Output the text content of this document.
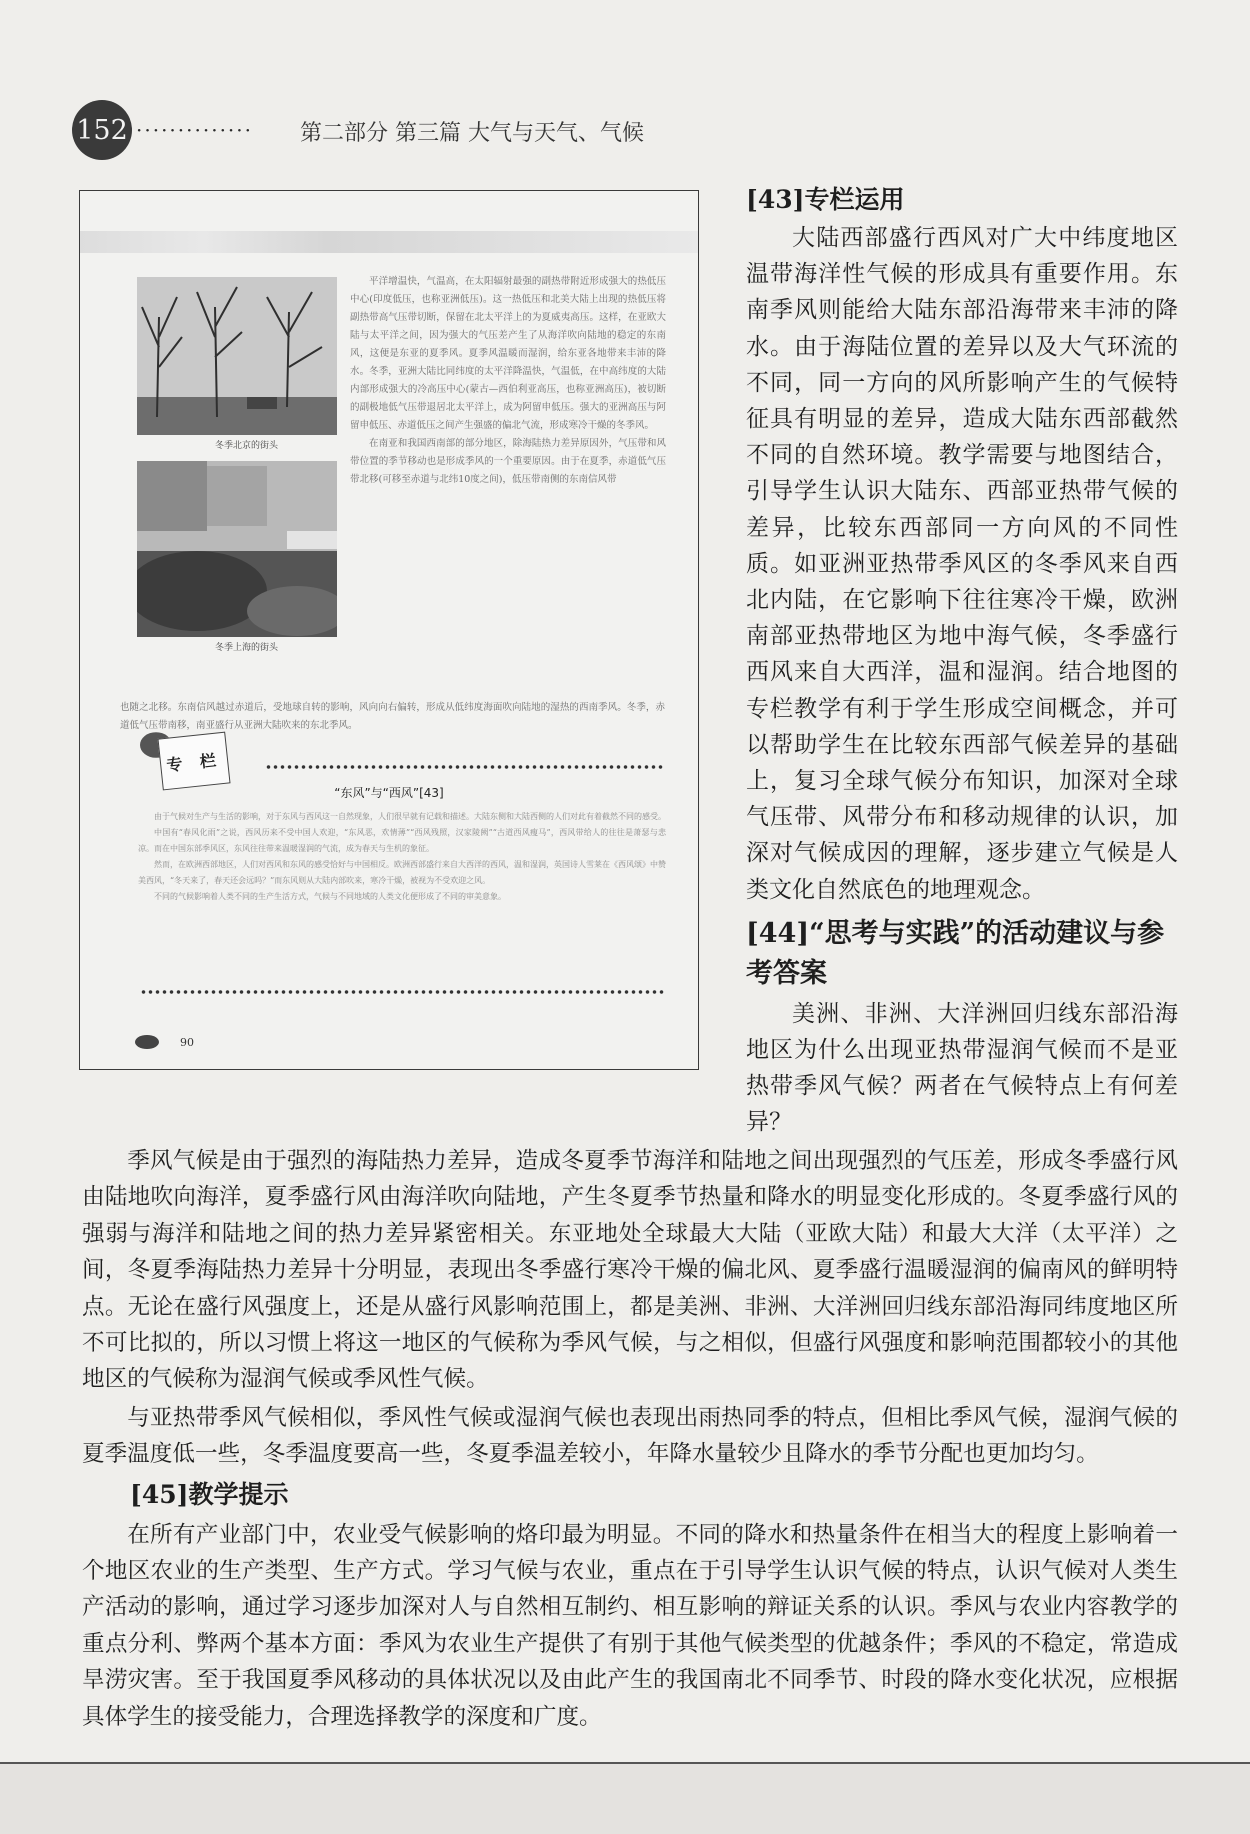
152 ·············· 第二部分 第三篇 大气与天气、气候
冬季北京的街头
冬季上海的街头

平洋增温快，气温高，在太阳辐射最强的副热带附近形成强大的热低压中心(印度低压，也称亚洲低压)。这一热低压和北美大陆上出现的热低压将副热带高气压带切断，保留在北太平洋上的为夏威夷高压。这样，在亚欧大陆与太平洋之间，因为强大的气压差产生了从海洋吹向陆地的稳定的东南风，这便是东亚的夏季风。夏季风温暖而湿润，给东亚各地带来丰沛的降水。冬季，亚洲大陆比同纬度的太平洋降温快，气温低，在中高纬度的大陆内部形成强大的冷高压中心(蒙古—西伯利亚高压，也称亚洲高压)，被切断的副极地低气压带退居北太平洋上，成为阿留申低压。强大的亚洲高压与阿留申低压、赤道低压之间产生强盛的偏北气流，形成寒冷干燥的冬季风。

在南亚和我国西南部的部分地区，除海陆热力差异原因外，气压带和风带位置的季节移动也是形成季风的一个重要原因。由于在夏季，赤道低气压带北移(可移至赤道与北纬10度之间)，低压带南侧的东南信风带

也随之北移。东南信风越过赤道后，受地球自转的影响，风向向右偏转，形成从低纬度海面吹向陆地的湿热的西南季风。冬季，赤道低气压带南移，南亚盛行从亚洲大陆吹来的东北季风。

专 栏
“东风”与“西风”[43]

由于气候对生产与生活的影响，对于东风与西风这一自然现象，人们很早就有记载和描述。大陆东侧和大陆西侧的人们对此有着截然不同的感受。

中国有“春风化雨”之说，西风历来不受中国人欢迎，“东风恶，欢情薄”“西风残照，汉家陵阙”“古道西风瘦马”，西风带给人的往往是萧瑟与悲凉。而在中国东部季风区，东风往往带来温暖湿润的气流，成为春天与生机的象征。

然而，在欧洲西部地区，人们对西风和东风的感受恰好与中国相反。欧洲西部盛行来自大西洋的西风，温和湿润，英国诗人雪莱在《西风颂》中赞美西风，“冬天来了，春天还会远吗？”而东风则从大陆内部吹来，寒冷干燥，被视为不受欢迎之风。

不同的气候影响着人类不同的生产生活方式，气候与不同地域的人类文化便形成了不同的审美意象。

90
[43]专栏运用

大陆西部盛行西风对广大中纬度地区温带海洋性气候的形成具有重要作用。东南季风则能给大陆东部沿海带来丰沛的降水。由于海陆位置的差异以及大气环流的不同，同一方向的风所影响产生的气候特征具有明显的差异，造成大陆东西部截然不同的自然环境。教学需要与地图结合，引导学生认识大陆东、西部亚热带气候的差异，比较东西部同一方向风的不同性质。如亚洲亚热带季风区的冬季风来自西北内陆，在它影响下往往寒冷干燥，欧洲南部亚热带地区为地中海气候，冬季盛行西风来自大西洋，温和湿润。结合地图的专栏教学有利于学生形成空间概念，并可以帮助学生在比较东西部气候差异的基础上，复习全球气候分布知识，加深对全球气压带、风带分布和移动规律的认识，加深对气候成因的理解，逐步建立气候是人类文化自然底色的地理观念。

[44]“思考与实践”的活动建议与参考答案

美洲、非洲、大洋洲回归线东部沿海地区为什么出现亚热带湿润气候而不是亚热带季风气候？两者在气候特点上有何差异？

季风气候是由于强烈的海陆热力差异，造成冬夏季节海洋和陆地之间出现强烈的气压差，形成冬季盛行风由陆地吹向海洋，夏季盛行风由海洋吹向陆地，产生冬夏季节热量和降水的明显变化形成的。冬夏季盛行风的强弱与海洋和陆地之间的热力差异紧密相关。东亚地处全球最大大陆（亚欧大陆）和最大大洋（太平洋）之间，冬夏季海陆热力差异十分明显，表现出冬季盛行寒冷干燥的偏北风、夏季盛行温暖湿润的偏南风的鲜明特点。无论在盛行风强度上，还是从盛行风影响范围上，都是美洲、非洲、大洋洲回归线东部沿海同纬度地区所不可比拟的，所以习惯上将这一地区的气候称为季风气候，与之相似，但盛行风强度和影响范围都较小的其他地区的气候称为湿润气候或季风性气候。

与亚热带季风气候相似，季风性气候或湿润气候也表现出雨热同季的特点，但相比季风气候，湿润气候的夏季温度低一些，冬季温度要高一些，冬夏季温差较小，年降水量较少且降水的季节分配也更加均匀。

[45]教学提示

在所有产业部门中，农业受气候影响的烙印最为明显。不同的降水和热量条件在相当大的程度上影响着一个地区农业的生产类型、生产方式。学习气候与农业，重点在于引导学生认识气候的特点，认识气候对人类生产活动的影响，通过学习逐步加深对人与自然相互制约、相互影响的辩证关系的认识。季风与农业内容教学的重点分利、弊两个基本方面：季风为农业生产提供了有别于其他气候类型的优越条件；季风的不稳定，常造成旱涝灾害。至于我国夏季风移动的具体状况以及由此产生的我国南北不同季节、时段的降水变化状况，应根据具体学生的接受能力，合理选择教学的深度和广度。
